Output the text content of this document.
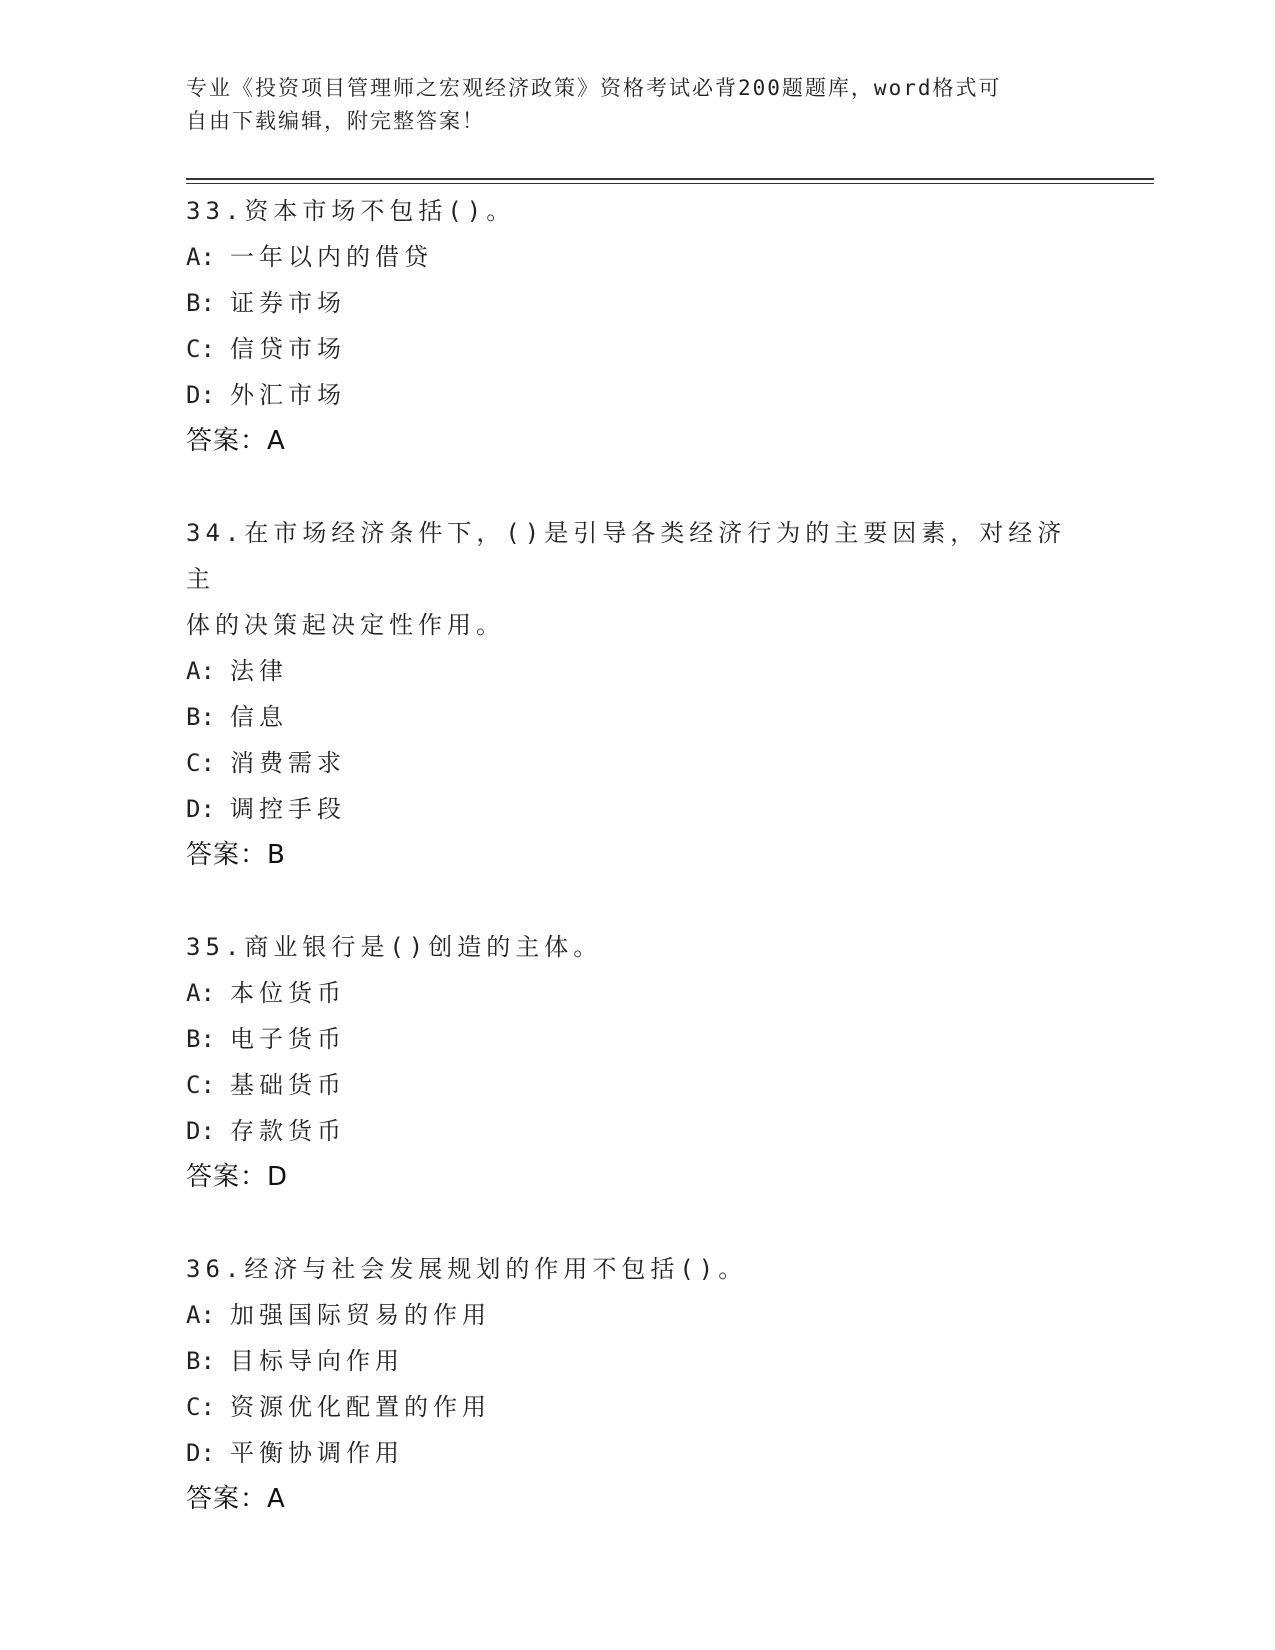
专业《投资项目管理师之宏观经济政策》资格考试必背200题题库，word格式可
自由下载编辑，附完整答案！

33.资本市场不包括()。

A: 一年以内的借贷

B: 证券市场

C: 信贷市场

D: 外汇市场

答案：A

34.在市场经济条件下，()是引导各类经济行为的主要因素，对经济主

体的决策起决定性作用。

A: 法律

B: 信息

C: 消费需求

D: 调控手段

答案：B

35.商业银行是()创造的主体。

A: 本位货币

B: 电子货币

C: 基础货币

D: 存款货币

答案：D

36.经济与社会发展规划的作用不包括()。

A: 加强国际贸易的作用

B: 目标导向作用

C: 资源优化配置的作用

D: 平衡协调作用

答案：A
